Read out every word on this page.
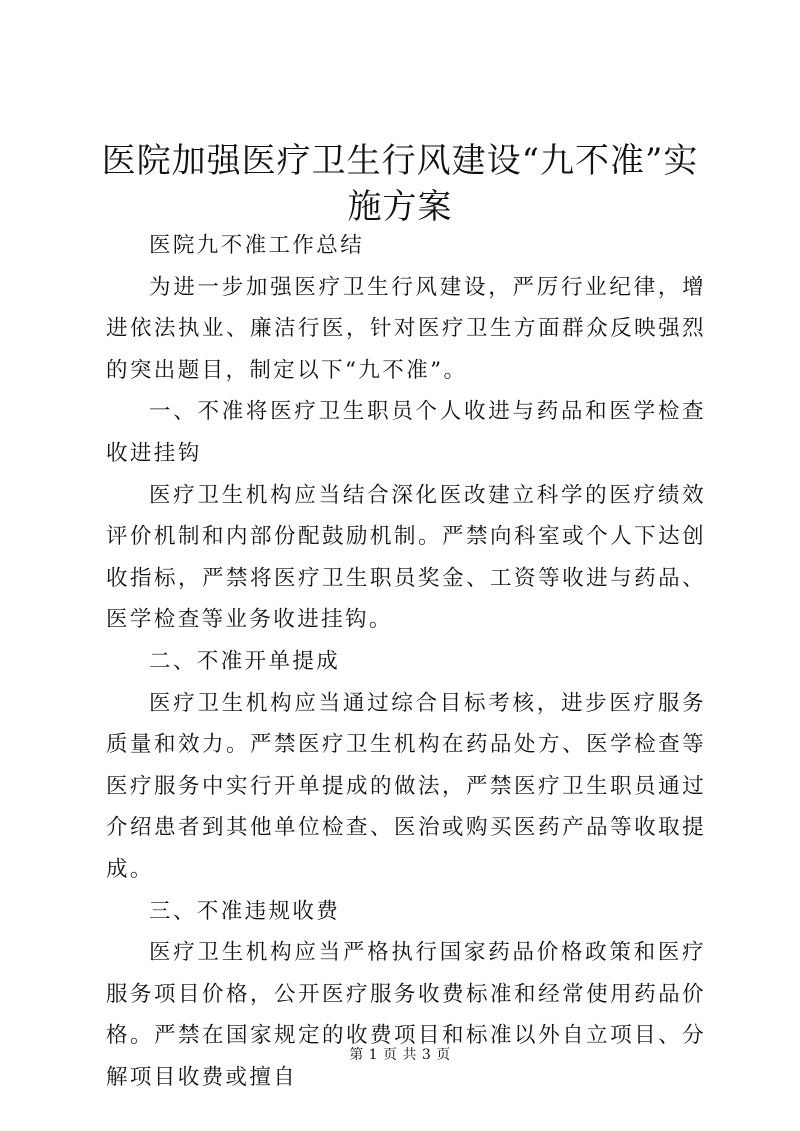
医院加强医疗卫生行风建设“九不准”实施方案

医院九不准工作总结

为进一步加强医疗卫生行风建设，严厉行业纪律，增进依法执业、廉洁行医，针对医疗卫生方面群众反映强烈的突出题目，制定以下“九不准”。

一、不准将医疗卫生职员个人收进与药品和医学检查收进挂钩

医疗卫生机构应当结合深化医改建立科学的医疗绩效评价机制和内部份配鼓励机制。严禁向科室或个人下达创收指标，严禁将医疗卫生职员奖金、工资等收进与药品、医学检查等业务收进挂钩。

二、不准开单提成

医疗卫生机构应当通过综合目标考核，进步医疗服务质量和效力。严禁医疗卫生机构在药品处方、医学检查等医疗服务中实行开单提成的做法，严禁医疗卫生职员通过介绍患者到其他单位检查、医治或购买医药产品等收取提成。

三、不准违规收费

医疗卫生机构应当严格执行国家药品价格政策和医疗服务项目价格，公开医疗服务收费标准和经常使用药品价格。严禁在国家规定的收费项目和标准以外自立项目、分解项目收费或擅自

第 1 页 共 3 页
